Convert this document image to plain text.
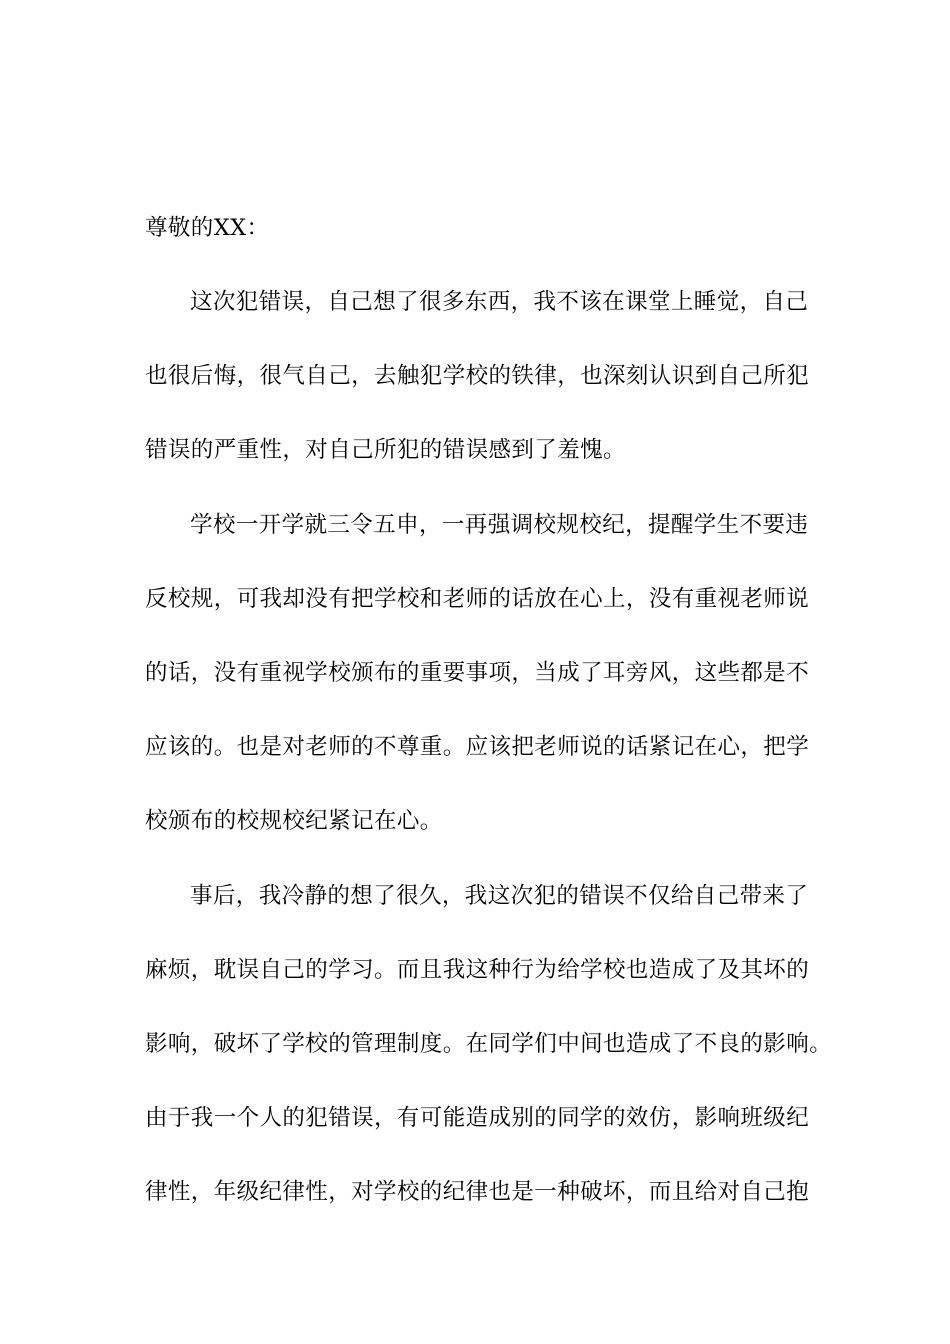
尊敬的XX：
这次犯错误，自己想了很多东西，我不该在课堂上睡觉，自己
也很后悔，很气自己，去触犯学校的铁律，也深刻认识到自己所犯
错误的严重性，对自己所犯的错误感到了羞愧。
学校一开学就三令五申，一再强调校规校纪，提醒学生不要违
反校规，可我却没有把学校和老师的话放在心上，没有重视老师说
的话，没有重视学校颁布的重要事项，当成了耳旁风，这些都是不
应该的。也是对老师的不尊重。应该把老师说的话紧记在心，把学
校颁布的校规校纪紧记在心。
事后，我冷静的想了很久，我这次犯的错误不仅给自己带来了
麻烦，耽误自己的学习。而且我这种行为给学校也造成了及其坏的
影响，破坏了学校的管理制度。在同学们中间也造成了不良的影响。
由于我一个人的犯错误，有可能造成别的同学的效仿，影响班级纪
律性，年级纪律性，对学校的纪律也是一种破坏，而且给对自己抱
